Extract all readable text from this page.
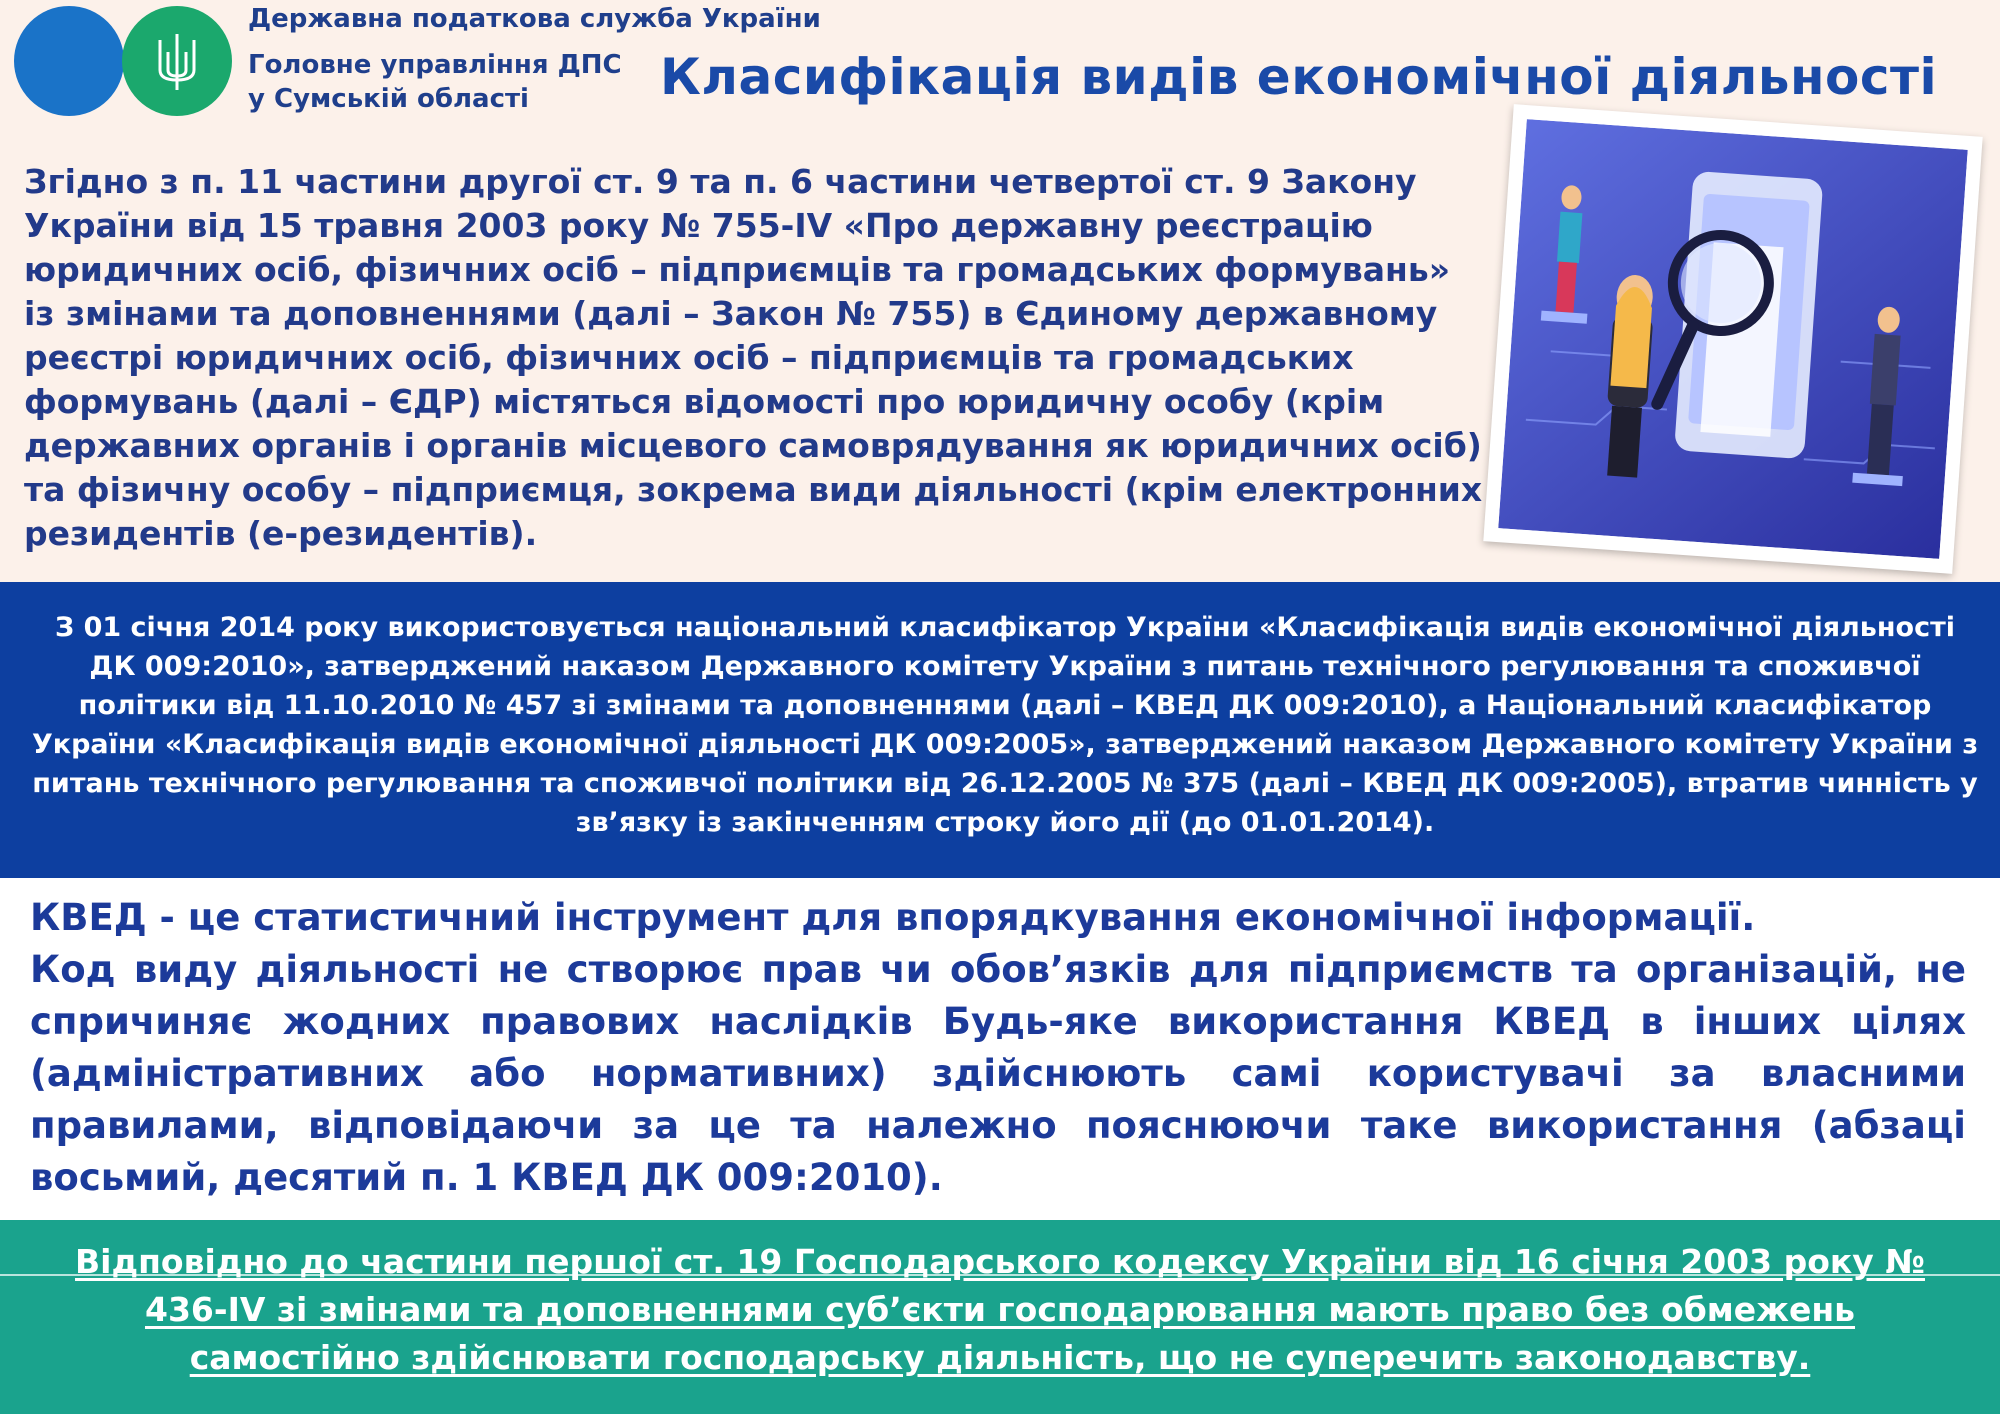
Державна податкова служба України
Головне управління ДПС
у Сумській області	Класифікація видів економічної діяльності

Згідно з п. 11 частини другої ст. 9 та п. 6 частини четвертої ст. 9 Закону України від 15 травня 2003 року № 755-IV «Про державну реєстрацію юридичних осіб, фізичних осіб – підприємців та громадських формувань» із змінами та доповненнями (далі – Закон № 755) в Єдиному державному реєстрі юридичних осіб, фізичних осіб – підприємців та громадських формувань (далі – ЄДР) містяться відомості про юридичну особу (крім державних органів і органів місцевого самоврядування як юридичних осіб) та фізичну особу – підприємця, зокрема види діяльності (крім електронних резидентів (е-резидентів).

З 01 січня 2014 року використовується національний класифікатор України «Класифікація видів економічної діяльності ДК 009:2010», затверджений наказом Державного комітету України з питань технічного регулювання та споживчої політики від 11.10.2010 № 457 зі змінами та доповненнями (далі – КВЕД ДК 009:2010), а Національний класифікатор України «Класифікація видів економічної діяльності ДК 009:2005», затверджений наказом Державного комітету України з питань технічного регулювання та споживчої політики від 26.12.2005 № 375 (далі – КВЕД ДК 009:2005), втратив чинність у зв’язку із закінченням строку його дії (до 01.01.2014).

КВЕД - це статистичний інструмент для впорядкування економічної інформації.

Код виду діяльності не створює прав чи обов’язків для підприємств та організацій, не спричиняє жодних правових наслідків Будь-яке використання КВЕД в інших цілях (адміністративних або нормативних) здійснюють самі користувачі за власними правилами, відповідаючи за це та належно пояснюючи таке використання (абзаці восьмий, десятий п. 1 КВЕД ДК 009:2010).

Відповідно до частини першої ст. 19 Господарського кодексу України від 16 січня 2003 року № 436-IV зі змінами та доповненнями суб’єкти господарювання мають право без обмежень самостійно здійснювати господарську діяльність, що не суперечить законодавству.
